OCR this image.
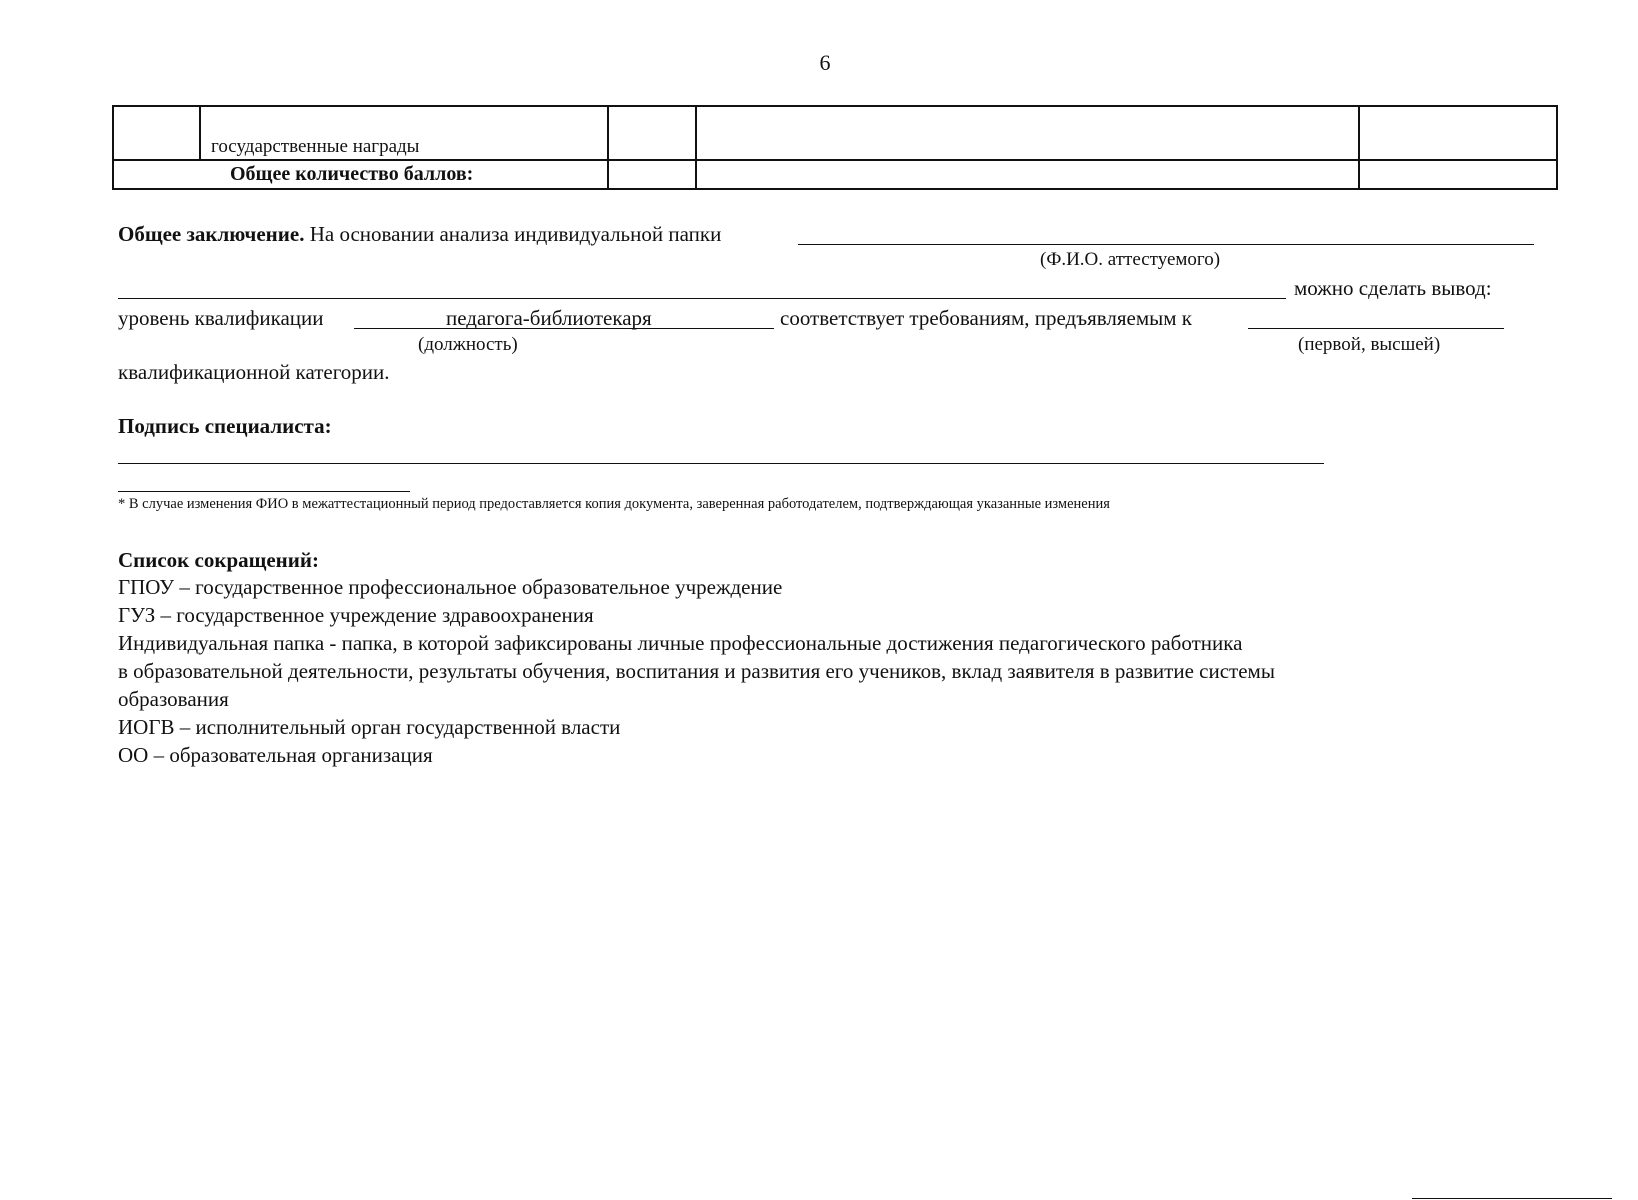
6

	государственные награды			

Общее количество баллов:				

Общее заключение. На основании анализа индивидуальной папки
(Ф.И.О. аттестуемого)
можно сделать вывод:
уровень квалификации	педагога-библиотекаря	соответствует требованиям, предъявляемым к
(должность)	(первой, высшей)
квалификационной категории.
Подпись специалиста:
* В случае изменения ФИО в межаттестационный период предоставляется копия документа, заверенная работодателем, подтверждающая указанные изменения
Список сокращений:
ГПОУ – государственное профессиональное образовательное учреждение
ГУЗ – государственное учреждение здравоохранения
Индивидуальная папка - папка, в которой зафиксированы личные профессиональные достижения педагогического работника
в образовательной деятельности, результаты обучения, воспитания и развития его учеников, вклад заявителя в развитие системы
образования
ИОГВ – исполнительный орган государственной власти
ОО – образовательная организация
